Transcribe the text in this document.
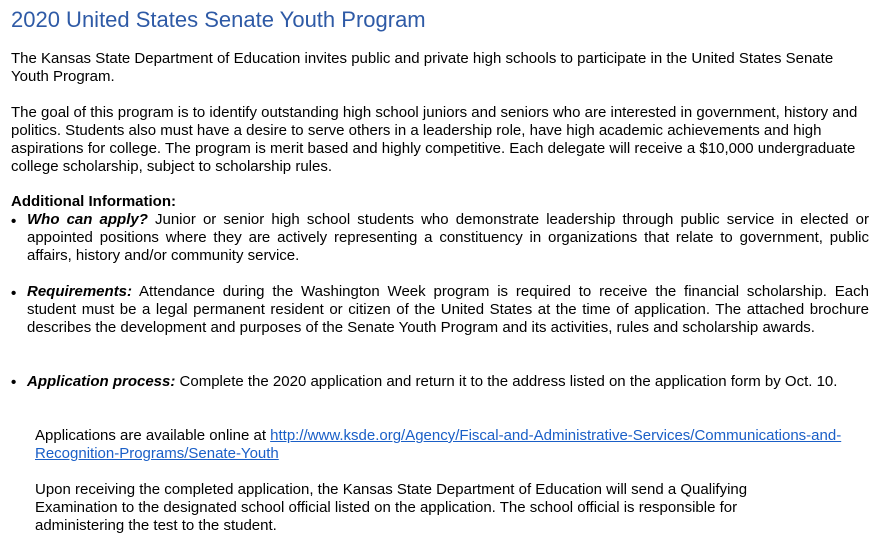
2020 United States Senate Youth Program

The Kansas State Department of Education invites public and private high schools to participate in the United States Senate Youth Program.

The goal of this program is to identify outstanding high school juniors and seniors who are interested in government, history and politics. Students also must have a desire to serve others in a leadership role, have high academic achievements and high aspirations for college. The program is merit based and highly competitive. Each delegate will receive a $10,000 undergraduate college scholarship, subject to scholarship rules.

Additional Information:
• Who can apply? Junior or senior high school students who demonstrate leadership through public service in elected or appointed positions where they are actively representing a constituency in organizations that relate to government, public affairs, history and/or community service.
• Requirements: Attendance during the Washington Week program is required to receive the financial scholarship. Each student must be a legal permanent resident or citizen of the United States at the time of application. The attached brochure describes the development and purposes of the Senate Youth Program and its activities, rules and scholarship awards.
• Application process: Complete the 2020 application and return it to the address listed on the application form by Oct. 10.
Applications are available online at http://www.ksde.org/Agency/Fiscal-and-Administrative-Services/Communications-and-Recognition-Programs/Senate-Youth
Upon receiving the completed application, the Kansas State Department of Education will send a Qualifying Examination to the designated school official listed on the application. The school official is responsible for administering the test to the student.
